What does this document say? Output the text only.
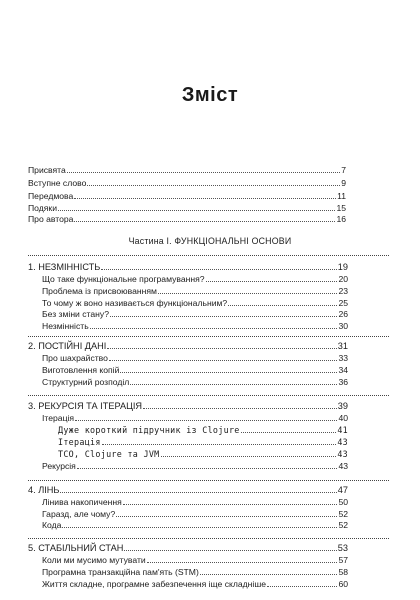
Зміст
Присвята	7
Вступне слово	9
Передмова	11
Подяки	15
Про автора	16
Частина I. ФУНКЦІОНАЛЬНІ ОСНОВИ
1. НЕЗМІННІСТЬ	19
Що таке функціональне програмування?	20
Проблема із присвоюванням	23
То чому ж воно називається функціональним?	25
Без зміни стану?	26
Незмінність	30
2. ПОСТІЙНІ ДАНІ	31
Про шахрайство	33
Виготовлення копій	34
Структурний розподіл	36
3. РЕКУРСІЯ ТА ІТЕРАЦІЯ	39
Ітерація	40
Дуже короткий підручник із Clojure	41
Ітерація	43
TCO, Clojure та JVM	43
Рекурсія	43
4. ЛІНЬ	47
Лінива накопичення	50
Гаразд, але чому?	52
Кода	52
5. СТАБІЛЬНИЙ СТАН	53
Коли ми мусимо мутувати	57
Програмна транзакційна пам'ять (STM)	58
Життя складне, програмне забезпечення іще складніше	60
